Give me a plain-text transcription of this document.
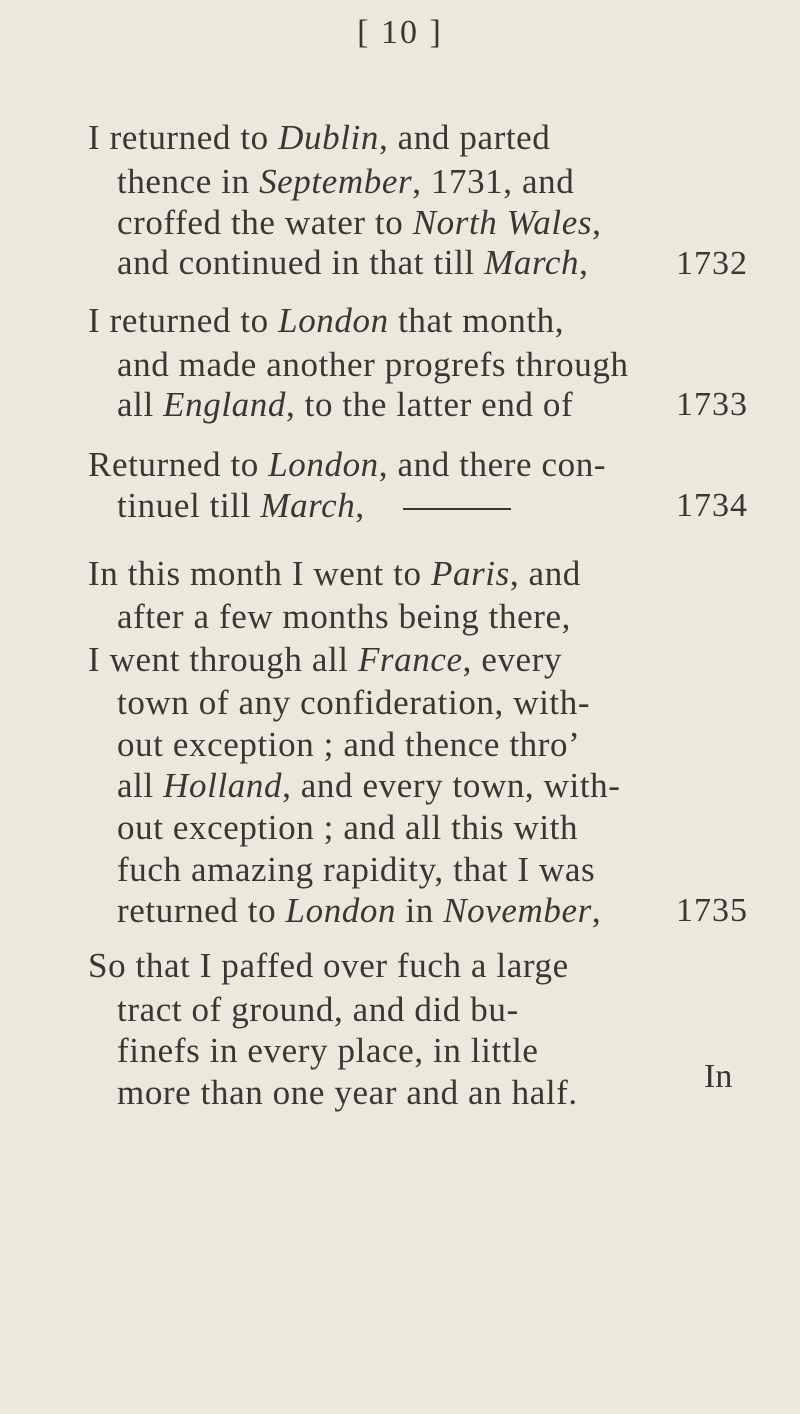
[ 10 ]
I returned to Dublin, and parted
thence in September, 1731, and
croffed the water to North Wales,
and continued in that till March,
I returned to London that month,
and made another progrefs through
all England, to the latter end of
Returned to London, and there con-
tinuel till March,
In this month I went to Paris, and
after a few months being there,
I went through all France, every
town of any confideration, with-
out exception ; and thence thro’
all Holland, and every town, with-
out exception ; and all this with
fuch amazing rapidity, that I was
returned to London in November,
So that I paffed over fuch a large
tract of ground, and did bu-
finefs in every place, in little
more than one year and an half.
1732
1733
1734
1735
In
